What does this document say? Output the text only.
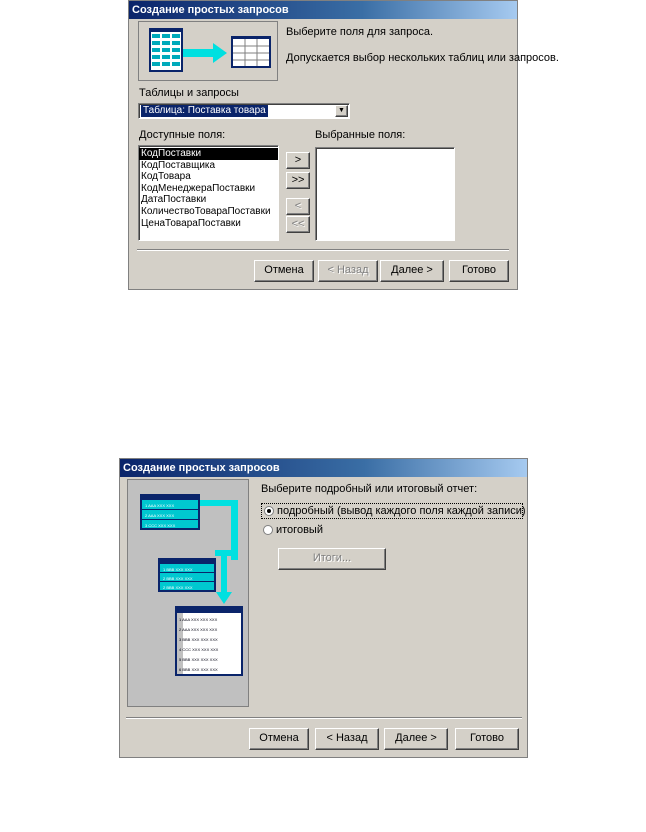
Создание простых запросов
Выберите поля для запроса.
Допускается выбор нескольких таблиц или запросов.
Таблицы и запросы
Таблица: Поставка товара	▼
Доступные поля:	Выбранные поля:
КодПоставки
КодПоставщика
КодТовара
КодМенеджераПоставки
ДатаПоставки
КоличествоТовараПоставки
ЦенаТовараПоставки
>
>>
<
<<
Отмена	< Назад	Далее >	Готово
Создание простых запросов
1 AAA XXX XXX
2 AAA XXX XXX
3 CCC XXX XXX
1 BBB XXX XXX
2 BBB XXX XXX
2 BBB XXX XXX
1 AAA XXX XXX XXX
2 AAA XXX XXX XXX
3 BBB XXX XXX XXX
4 CCC XXX XXX XXX
5 BBB XXX XXX XXX
6 BBB XXX XXX XXX
Выберите подробный или итоговый отчет:
подробный (вывод каждого поля каждой записи)
итоговый
Итоги...
Отмена	< Назад	Далее >	Готово
